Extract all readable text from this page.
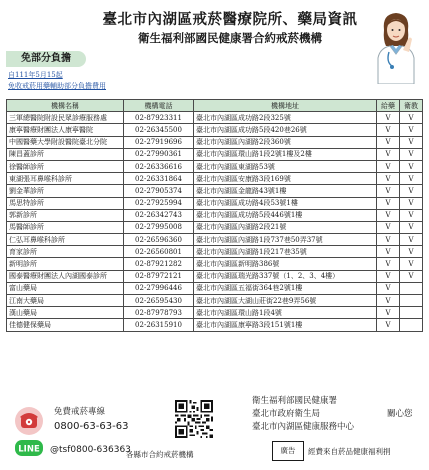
臺北市內湖區戒菸醫療院所、藥局資訊
衛生福利部國民健康署合約戒菸機構
免部分負擔
自111年5月15起
免收戒菸用藥輔助部分負擔費用
機構名稱	機構電話	機構地址	給藥	衛教
三軍總醫院附設民眾診療服務處	02-87923311	臺北市內湖區成功路2段325號	V	V
康寧醫療財團法人康寧醫院	02-26345500	臺北市內湖區成功路5段420巷26號	V	V
中國醫藥大學附設醫院臺北分院	02-27919696	臺北市內湖區內湖路2段360號	V	V
陳昌蓋診所	02-27990361	臺北市內湖區環山路1段2號1樓及2樓	V	V
徐醫師診所	02-26336616	臺北市內湖區東湖路53號	V	V
東湖張耳鼻喉科診所	02-26331864	臺北市內湖區安康路3段169號	V	V
劉金華診所	02-27905374	臺北市內湖區金龍路43號1樓	V	V
馬思特診所	02-27925994	臺北市內湖區成功路4段53號1樓	V	V
郭新診所	02-26342743	臺北市內湖區成功路5段446號1樓	V	V
馬醫師診所	02-27995008	臺北市內湖區內湖路2段21號	V	V
仁弘耳鼻喉科診所	02-26596360	臺北市內湖區內湖路1段737巷50弄37號	V	V
育家診所	02-26560801	臺北市內湖區內湖路1段217巷35號	V	V
新明診所	02-87921282	臺北市內湖區新明路386號	V	V
國泰醫療財團法人內湖國泰診所	02-87972121	臺北市內湖區瑞光路337號（1、2、3、4樓）	V	V
富山藥局	02-27996446	臺北市內湖區五福街364巷2號1樓	V	
江南大藥局	02-26595430	臺北市內湖區大湖山莊街22巷9弄56號	V	
漢山藥局	02-87978793	臺北市內湖區環山路1段4號	V	
佳德健保藥局	02-26315910	臺北市內湖區康寧路3段151號1樓	V	
免費戒菸專線
0800-63-63-63
LINE @tsf0800-636363
各縣市合約戒菸機構
衛生福利部國民健康署
臺北市政府衛生局	關心您
臺北市內湖區健康服務中心
廣告	經費來自菸品健康福利捐
